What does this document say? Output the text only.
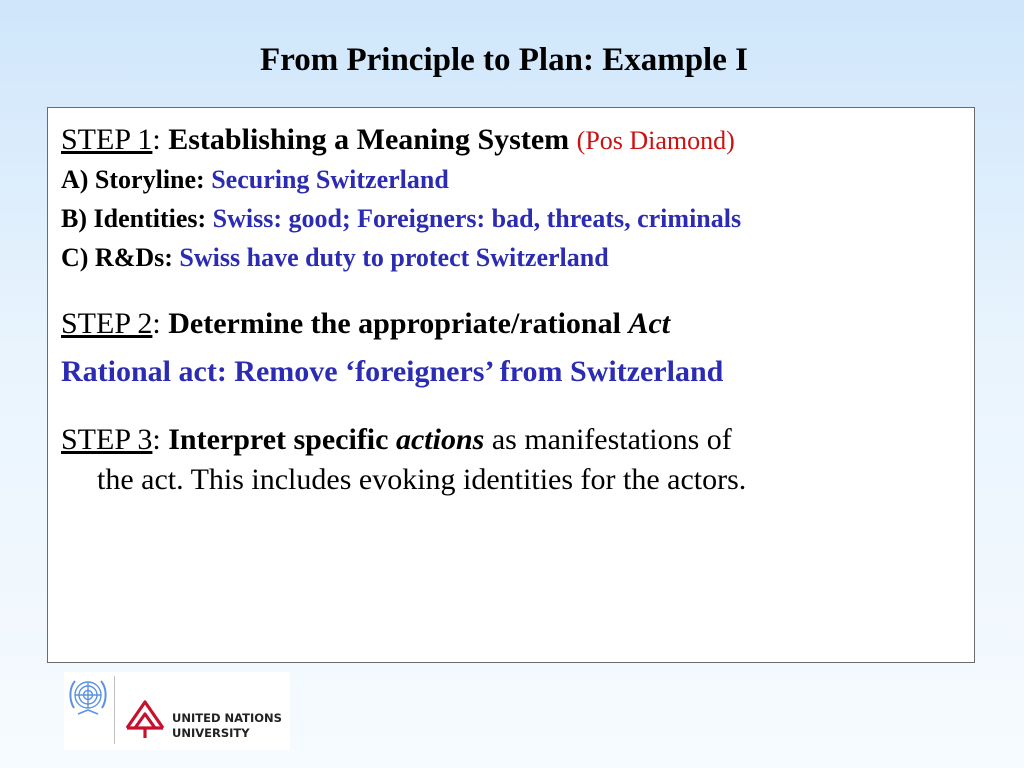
From Principle to Plan: Example I
STEP 1: Establishing a Meaning System (Pos Diamond)
A) Storyline: Securing Switzerland
B) Identities: Swiss: good; Foreigners: bad, threats, criminals
C) R&Ds: Swiss have duty to protect Switzerland
STEP 2: Determine the appropriate/rational Act
Rational act: Remove ‘foreigners’ from Switzerland
STEP 3: Interpret specific actions as manifestations of
the act. This includes evoking identities for the actors.
UNITED NATIONS
UNIVERSITY
